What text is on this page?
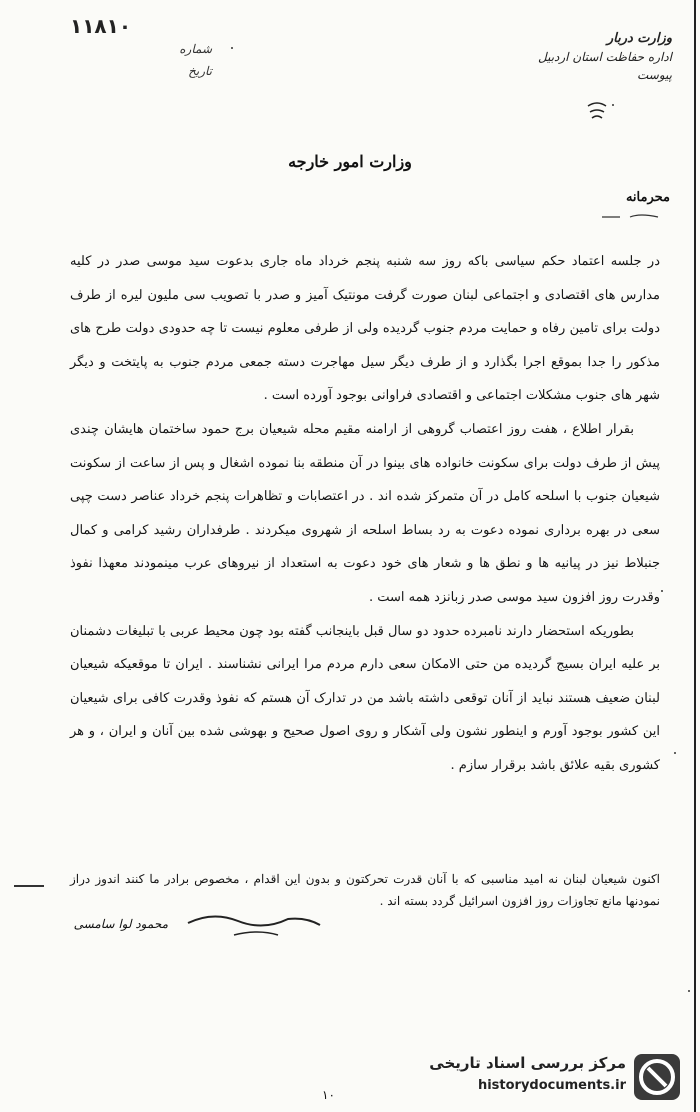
١١٨١٠
شماره
تاریخ
وزارت دربار
اداره حفاظت استان اردبیل
پیوست
وزارت امور خارجه
محرمانه

در جلسه اعتماد حکم سیاسی باکه روز سه شنبه پنجم خرداد ماه جاری بدعوت سید موسی صدر در کلیه مدارس های اقتصادی و اجتماعی لبنان صورت گرفت مونتیک آمیز و صدر با تصویب سی ملیون لیره از طرف دولت برای تامین رفاه و حمایت مردم جنوب گردیده ولی از طرفی معلوم نیست تا چه حدودی دولت طرح های مذکور را جدا بموقع اجرا بگذارد و از طرف دیگر سیل مهاجرت دسته جمعی مردم جنوب به پایتخت و دیگر شهر های جنوب مشکلات اجتماعی و اقتصادی فراوانی بوجود آورده است .

بقرار اطلاع ، هفت روز اعتصاب گروهی از ارامنه مقیم محله شیعیان برج حمود ساختمان هایشان چندی پیش از طرف دولت برای سکونت خانواده های بینوا در آن منطقه بنا نموده اشغال و پس از ساعت از سکونت شیعیان جنوب با اسلحه کامل در آن متمرکز شده اند . در اعتصابات و تظاهرات پنجم خرداد عناصر دست چپی سعی در بهره برداری نموده دعوت به رد بساط اسلحه از شهروی میکردند . طرفداران رشید کرامی و کمال جنبلاط نیز در پیانیه ها و نطق ها و شعار های خود دعوت به استعداد از نیروهای عرب مینمودند معهذا نفوذ وقدرت روز افزون سید موسی صدر زبانزد همه است .

بطوریکه استحضار دارند نامبرده حدود دو سال قبل باینجانب گفته بود چون محیط عربی با تبلیغات دشمنان بر علیه ایران بسیج گردیده من حتی الامکان سعی دارم مردم مرا ایرانی نشناسند . ایران تا موقعیکه شیعیان لبنان ضعیف هستند نباید از آنان توقعی داشته باشد من در تدارک آن هستم که نفوذ وقدرت کافی برای شیعیان این کشور بوجود آورم و اینطور نشون ولی آشکار و روی اصول صحیح و بهوشی شده بین آنان و ایران ، و هر کشوری بقیه علائق باشد برقرار سازم .

اکنون شیعیان لبنان نه امید مناسبی که با آنان قدرت تحرکتون و بدون این اقدام ، مخصوص برادر ما کنند اندوز دراز نمودنها مانع تجاوزات روز افزون اسرائیل گردد بسته اند .
محمود لوا سامسی
١٠
مرکز بررسی اسناد تاریخی
historydocuments.ir
